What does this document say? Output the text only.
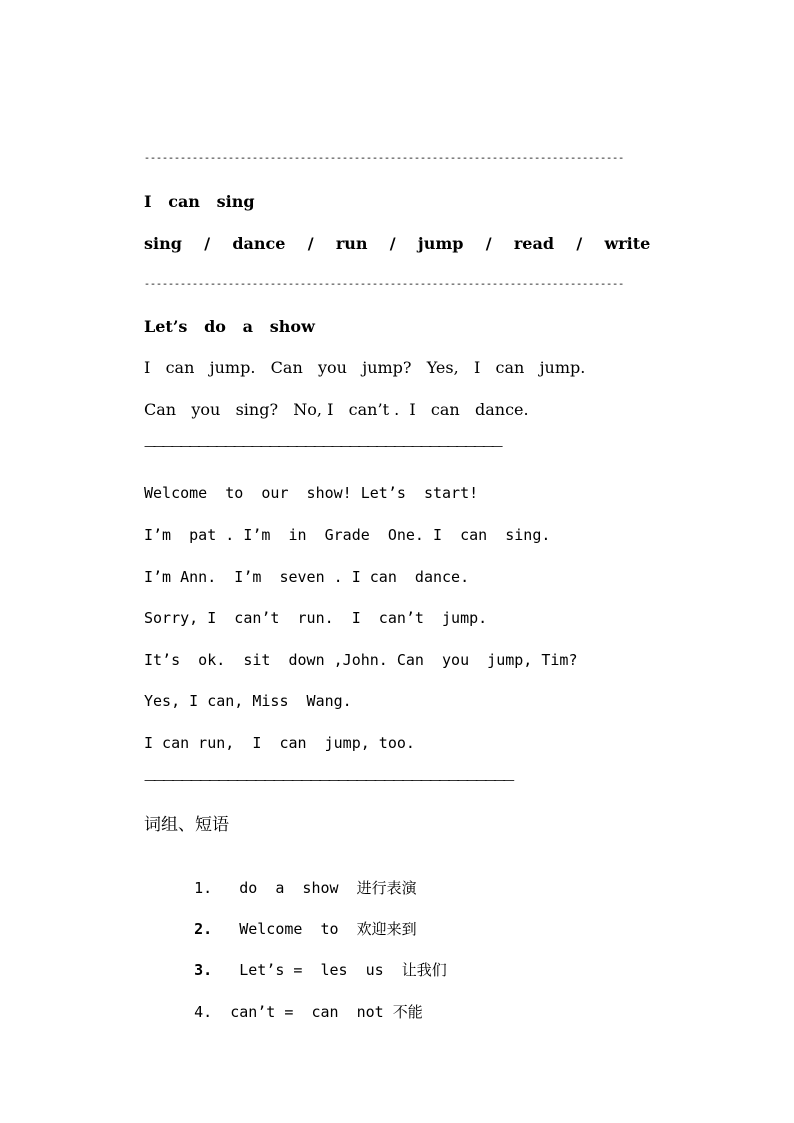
--------------------------------------------------------------------------------
I   can   sing
sing    /    dance    /    run    /    jump    /    read    /    write
--------------------------------------------------------------------------------
Let’s   do   a   show
I   can   jump.   Can   you   jump?   Yes,   I   can   jump.
Can   you   sing?   No, I   can’t .  I   can   dance.
————————————————————————————————————————
Welcome  to  our  show! Let’s  start!
I’m  pat . I’m  in  Grade  One. I  can  sing.
I’m Ann.  I’m  seven . I can  dance.
Sorry, I  can’t  run.  I  can’t  jump.
It’s  ok.  sit  down ,John. Can  you  jump, Tim?
Yes, I can, Miss  Wang.
I can run,  I  can  jump, too.
————————————————————————————————————————
词组、短语

1. do  a  show  进行表演

2. Welcome  to  欢迎来到

3. Let’s =  les  us  让我们

4. can’t =  can  not 不能
